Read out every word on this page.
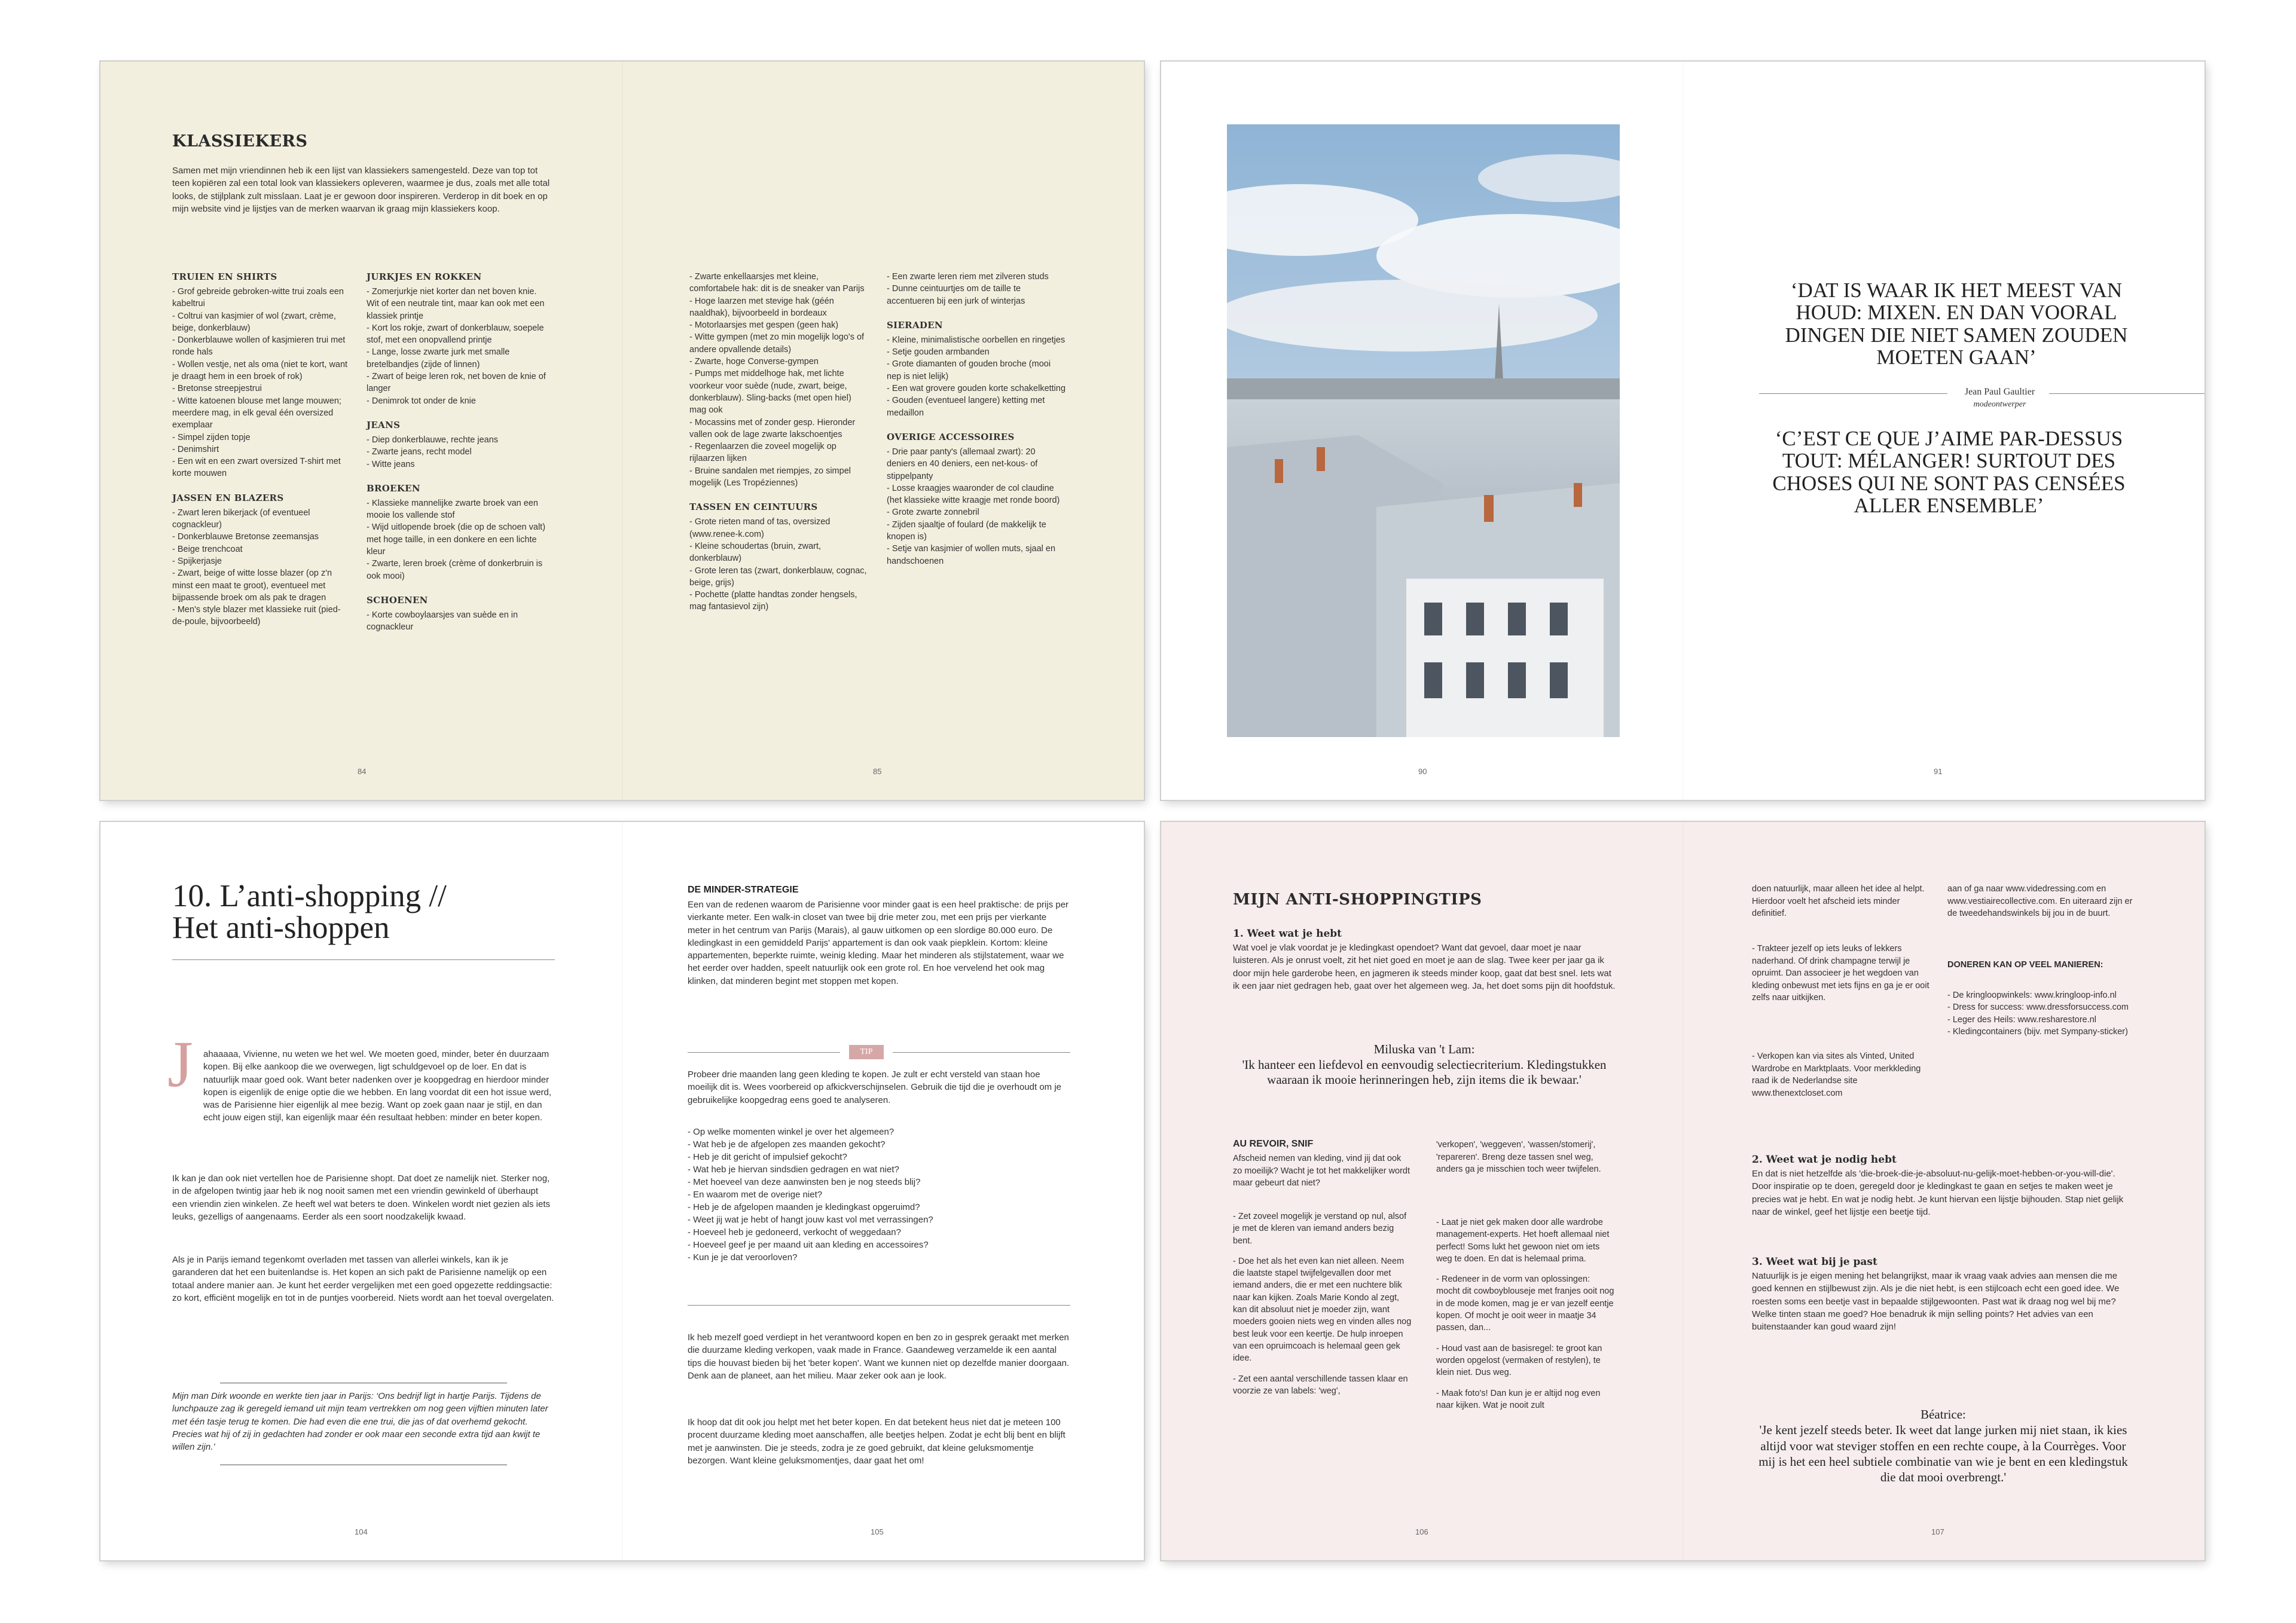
KLASSIEKERS
Samen met mijn vriendinnen heb ik een lijst van klassiekers samengesteld. Deze van top tot teen kopiëren zal een total look van klassiekers opleveren, waarmee je dus, zoals met alle total looks, de stijlplank zult misslaan. Laat je er gewoon door inspireren. Verderop in dit boek en op mijn website vind je lijstjes van de merken waarvan ik graag mijn klassiekers koop.
TRUIEN EN SHIRTS
- Grof gebreide gebroken-witte trui zoals een kabeltrui
- Coltrui van kasjmier of wol (zwart, crème, beige, donkerblauw)
- Donkerblauwe wollen of kasjmieren trui met ronde hals
- Wollen vestje, net als oma (niet te kort, want je draagt hem in een broek of rok)
- Bretonse streepjestrui
- Witte katoenen blouse met lange mouwen; meerdere mag, in elk geval één oversized exemplaar
- Simpel zijden topje
- Denimshirt
- Een wit en een zwart oversized T-shirt met korte mouwen
JASSEN EN BLAZERS
- Zwart leren bikerjack (of eventueel cognackleur)
- Donkerblauwe Bretonse zeemansjas
- Beige trenchcoat
- Spijkerjasje
- Zwart, beige of witte losse blazer (op z'n minst een maat te groot), eventueel met bijpassende broek om als pak te dragen
- Men's style blazer met klassieke ruit (pied-de-poule, bijvoorbeeld)
JURKJES EN ROKKEN
- Zomerjurkje niet korter dan net boven knie. Wit of een neutrale tint, maar kan ook met een klassiek printje
- Kort los rokje, zwart of donkerblauw, soepele stof, met een onopvallend printje
- Lange, losse zwarte jurk met smalle bretelbandjes (zijde of linnen)
- Zwart of beige leren rok, net boven de knie of langer
- Denimrok tot onder de knie
JEANS
- Diep donkerblauwe, rechte jeans
- Zwarte jeans, recht model
- Witte jeans
BROEKEN
- Klassieke mannelijke zwarte broek van een mooie los vallende stof
- Wijd uitlopende broek (die op de schoen valt) met hoge taille, in een donkere en een lichte kleur
- Zwarte, leren broek (crème of donkerbruin is ook mooi)
SCHOENEN
- Korte cowboylaarsjes van suède en in cognackleur
- Zwarte enkellaarsjes met kleine, comfortabele hak: dit is de sneaker van Parijs
- Hoge laarzen met stevige hak (géén naaldhak), bijvoorbeeld in bordeaux
- Motorlaarsjes met gespen (geen hak)
- Witte gympen (met zo min mogelijk logo's of andere opvallende details)
- Zwarte, hoge Converse-gympen
- Pumps met middelhoge hak, met lichte voorkeur voor suède (nude, zwart, beige, donkerblauw). Sling-backs (met open hiel) mag ook
- Mocassins met of zonder gesp. Hieronder vallen ook de lage zwarte lakschoentjes
- Regenlaarzen die zoveel mogelijk op rijlaarzen lijken
- Bruine sandalen met riempjes, zo simpel mogelijk (Les Tropéziennes)
TASSEN EN CEINTUURS
- Grote rieten mand of tas, oversized (www.renee-k.com)
- Kleine schoudertas (bruin, zwart, donkerblauw)
- Grote leren tas (zwart, donkerblauw, cognac, beige, grijs)
- Pochette (platte handtas zonder hengsels, mag fantasievol zijn)
- Een zwarte leren riem met zilveren studs
- Dunne ceintuurtjes om de taille te accentueren bij een jurk of winterjas
SIERADEN
- Kleine, minimalistische oorbellen en ringetjes
- Setje gouden armbanden
- Grote diamanten of gouden broche (mooi nep is niet lelijk)
- Een wat grovere gouden korte schakelketting
- Gouden (eventueel langere) ketting met medaillon
OVERIGE ACCESSOIRES
- Drie paar panty's (allemaal zwart): 20 deniers en 40 deniers, een net-kous- of stippelpanty
- Losse kraagjes waaronder de col claudine (het klassieke witte kraagje met ronde boord)
- Grote zwarte zonnebril
- Zijden sjaaltje of foulard (de makkelijk te knopen is)
- Setje van kasjmier of wollen muts, sjaal en handschoenen
84	85
‘DAT IS WAAR IK HET MEEST VAN HOUD: MIXEN. EN DAN VOORAL DINGEN DIE NIET SAMEN ZOUDEN MOETEN GAAN’
Jean Paul Gaultier
modeontwerper
‘C’EST CE QUE J’AIME PAR-DESSUS TOUT: MÉLANGER! SURTOUT DES CHOSES QUI NE SONT PAS CENSÉES ALLER ENSEMBLE’
90	91
10. L’anti-shopping //
Het anti-shoppen
J ahaaaaa, Vivienne, nu weten we het wel. We moeten goed, minder, beter én duurzaam kopen. Bij elke aankoop die we overwegen, ligt schuldgevoel op de loer. En dat is natuurlijk maar goed ook. Want beter nadenken over je koopgedrag en hierdoor minder kopen is eigenlijk de enige optie die we hebben. En lang voordat dit een hot issue werd, was de Parisienne hier eigenlijk al mee bezig. Want op zoek gaan naar je stijl, en dan echt jouw eigen stijl, kan eigenlijk maar één resultaat hebben: minder en beter kopen.
Ik kan je dan ook niet vertellen hoe de Parisienne shopt. Dat doet ze namelijk niet. Sterker nog, in de afgelopen twintig jaar heb ik nog nooit samen met een vriendin gewinkeld of überhaupt een vriendin zien winkelen. Ze heeft wel wat beters te doen. Winkelen wordt niet gezien als iets leuks, gezelligs of aangenaams. Eerder als een soort noodzakelijk kwaad.
Als je in Parijs iemand tegenkomt overladen met tassen van allerlei winkels, kan ik je garanderen dat het een buitenlandse is. Het kopen an sich pakt de Parisienne namelijk op een totaal andere manier aan. Je kunt het eerder vergelijken met een goed opgezette reddingsactie: zo kort, efficiënt mogelijk en tot in de puntjes voorbereid. Niets wordt aan het toeval overgelaten.
Mijn man Dirk woonde en werkte tien jaar in Parijs: ‘Ons bedrijf ligt in hartje Parijs. Tijdens de lunchpauze zag ik geregeld iemand uit mijn team vertrekken om nog geen vijftien minuten later met één tasje terug te komen. Die had even die ene trui, die jas of dat overhemd gekocht. Precies wat hij of zij in gedachten had zonder er ook maar een seconde extra tijd aan kwijt te willen zijn.’
DE MINDER-STRATEGIE
Een van de redenen waarom de Parisienne voor minder gaat is een heel praktische: de prijs per vierkante meter. Een walk-in closet van twee bij drie meter zou, met een prijs per vierkante meter in het centrum van Parijs (Marais), al gauw uitkomen op een slordige 80.000 euro. De kledingkast in een gemiddeld Parijs' appartement is dan ook vaak piepklein. Kortom: kleine appartementen, beperkte ruimte, weinig kleding. Maar het minderen als stijlstatement, waar we het eerder over hadden, speelt natuurlijk ook een grote rol. En hoe vervelend het ook mag klinken, dat minderen begint met stoppen met kopen.
TIP
Probeer drie maanden lang geen kleding te kopen. Je zult er echt versteld van staan hoe moeilijk dit is. Wees voorbereid op afkickverschijnselen. Gebruik die tijd die je overhoudt om je gebruikelijke koopgedrag eens goed te analyseren.
- Op welke momenten winkel je over het algemeen?
- Wat heb je de afgelopen zes maanden gekocht?
- Heb je dit gericht of impulsief gekocht?
- Wat heb je hiervan sindsdien gedragen en wat niet?
- Met hoeveel van deze aanwinsten ben je nog steeds blij?
- En waarom met de overige niet?
- Heb je de afgelopen maanden je kledingkast opgeruimd?
- Weet jij wat je hebt of hangt jouw kast vol met verrassingen?
- Hoeveel heb je gedoneerd, verkocht of weggedaan?
- Hoeveel geef je per maand uit aan kleding en accessoires?
- Kun je je dat veroorloven?
Ik heb mezelf goed verdiept in het verantwoord kopen en ben zo in gesprek geraakt met merken die duurzame kleding verkopen, vaak made in France. Gaandeweg verzamelde ik een aantal tips die houvast bieden bij het 'beter kopen'. Want we kunnen niet op dezelfde manier doorgaan. Denk aan de planeet, aan het milieu. Maar zeker ook aan je look.
Ik hoop dat dit ook jou helpt met het beter kopen. En dat betekent heus niet dat je meteen 100 procent duurzame kleding moet aanschaffen, alle beetjes helpen. Zodat je echt blij bent en blijft met je aanwinsten. Die je steeds, zodra je ze goed gebruikt, dat kleine geluksmomentje bezorgen. Want kleine geluksmomentjes, daar gaat het om!
104	105
MIJN ANTI-SHOPPINGTIPS
1. Weet wat je hebt
Wat voel je vlak voordat je je kledingkast opendoet? Want dat gevoel, daar moet je naar luisteren. Als je onrust voelt, zit het niet goed en moet je aan de slag. Twee keer per jaar ga ik door mijn hele garderobe heen, en jagmeren ik steeds minder koop, gaat dat best snel. Iets wat ik een jaar niet gedragen heb, gaat over het algemeen weg. Ja, het doet soms pijn dit hoofdstuk.
Miluska van 't Lam:
'Ik hanteer een liefdevol en eenvoudig selectiecriterium. Kledingstukken waaraan ik mooie herinneringen heb, zijn items die ik bewaar.'
AU REVOIR, SNIF
Afscheid nemen van kleding, vind jij dat ook zo moeilijk? Wacht je tot het makkelijker wordt maar gebeurt dat niet?
- Zet zoveel mogelijk je verstand op nul, alsof je met de kleren van iemand anders bezig bent.
- Doe het als het even kan niet alleen. Neem die laatste stapel twijfelgevallen door met iemand anders, die er met een nuchtere blik naar kan kijken. Zoals Marie Kondo al zegt, kan dit absoluut niet je moeder zijn, want moeders gooien niets weg en vinden alles nog best leuk voor een keertje. De hulp inroepen van een opruimcoach is helemaal geen gek idee.
- Zet een aantal verschillende tassen klaar en voorzie ze van labels: 'weg',
'verkopen', 'weggeven', 'wassen/stomerij', 'repareren'. Breng deze tassen snel weg, anders ga je misschien toch weer twijfelen.
- Laat je niet gek maken door alle wardrobe management-experts. Het hoeft allemaal niet perfect! Soms lukt het gewoon niet om iets weg te doen. En dat is helemaal prima.
- Redeneer in de vorm van oplossingen: mocht dit cowboyblouseje met franjes ooit nog in de mode komen, mag je er van jezelf eentje kopen. Of mocht je ooit weer in maatje 34 passen, dan...
- Houd vast aan de basisregel: te groot kan worden opgelost (vermaken of restylen), te klein niet. Dus weg.
- Maak foto's! Dan kun je er altijd nog even naar kijken. Wat je nooit zult
doen natuurlijk, maar alleen het idee al helpt. Hierdoor voelt het afscheid iets minder definitief.
- Trakteer jezelf op iets leuks of lekkers naderhand. Of drink champagne terwijl je opruimt. Dan associeer je het wegdoen van kleding onbewust met iets fijns en ga je er ooit zelfs naar uitkijken.
- Verkopen kan via sites als Vinted, United Wardrobe en Marktplaats. Voor merkkleding raad ik de Nederlandse site www.thenextcloset.com
aan of ga naar www.videdressing.com en www.vestiairecollective.com. En uiteraard zijn er de tweedehandswinkels bij jou in de buurt.
DONEREN KAN OP VEEL MANIEREN:
- De kringloopwinkels: www.kringloop-info.nl
- Dress for success: www.dressforsuccess.com
- Leger des Heils: www.resharestore.nl
- Kledingcontainers (bijv. met Sympany-sticker)
2. Weet wat je nodig hebt
En dat is niet hetzelfde als 'die-broek-die-je-absoluut-nu-gelijk-moet-hebben-or-you-will-die'. Door inspiratie op te doen, geregeld door je kledingkast te gaan en setjes te maken weet je precies wat je hebt. En wat je nodig hebt. Je kunt hiervan een lijstje bijhouden. Stap niet gelijk naar de winkel, geef het lijstje een beetje tijd.
3. Weet wat bij je past
Natuurlijk is je eigen mening het belangrijkst, maar ik vraag vaak advies aan mensen die me goed kennen en stijlbewust zijn. Als je die niet hebt, is een stijlcoach echt een goed idee. We roesten soms een beetje vast in bepaalde stijlgewoonten. Past wat ik draag nog wel bij me? Welke tinten staan me goed? Hoe benadruk ik mijn selling points? Het advies van een buitenstaander kan goud waard zijn!
Béatrice:
'Je kent jezelf steeds beter. Ik weet dat lange jurken mij niet staan, ik kies altijd voor wat steviger stoffen en een rechte coupe, à la Courrèges. Voor mij is het een heel subtiele combinatie van wie je bent en een kledingstuk die dat mooi overbrengt.'
106	107
